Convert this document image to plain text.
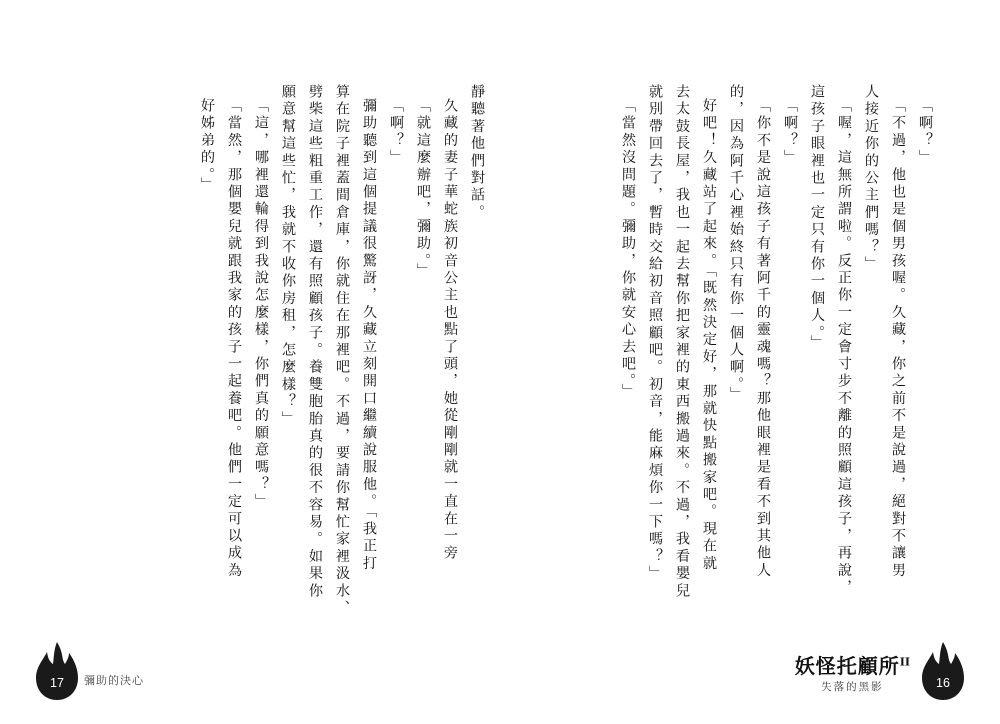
靜聽著他們對話。
久藏的妻子華蛇族初音公主也點了頭，她從剛剛就一直在一旁
「就這麼辦吧，彌助。」
「啊？」
彌助聽到這個提議很驚訝，久藏立刻開口繼續說服他。「我正打
算在院子裡蓋間倉庫，你就住在那裡吧。不過，要請你幫忙家裡汲水、
劈柴這些粗重工作，還有照顧孩子。養雙胞胎真的很不容易。如果你
願意幫這些忙，我就不收你房租，怎麼樣？」
「這，哪裡還輪得到我說怎麼樣，你們真的願意嗎？」
「當然，那個嬰兒就跟我家的孩子一起養吧。他們一定可以成為
好姊弟的。」	「啊？」
「不過，他也是個男孩喔。久藏，你之前不是說過，絕對不讓男
人接近你的公主們嗎？」
「喔，這無所謂啦。反正你一定會寸步不離的照顧這孩子，再說，
這孩子眼裡也一定只有你一個人。」
「啊？」
「你不是說這孩子有著阿千的靈魂嗎？那他眼裡是看不到其他人
的，因為阿千心裡始終只有你一個人啊。」
好吧！久藏站了起來。「既然決定好，那就快點搬家吧。現在就
去太鼓長屋，我也一起去幫你把家裡的東西搬過來。不過，我看嬰兒
就別帶回去了，暫時交給初音照顧吧。初音，能麻煩你一下嗎？」
「當然沒問題。彌助，你就安心去吧。」
17	彌助的決心	16
妖怪托顧所$^{II}$
失落的黑影
